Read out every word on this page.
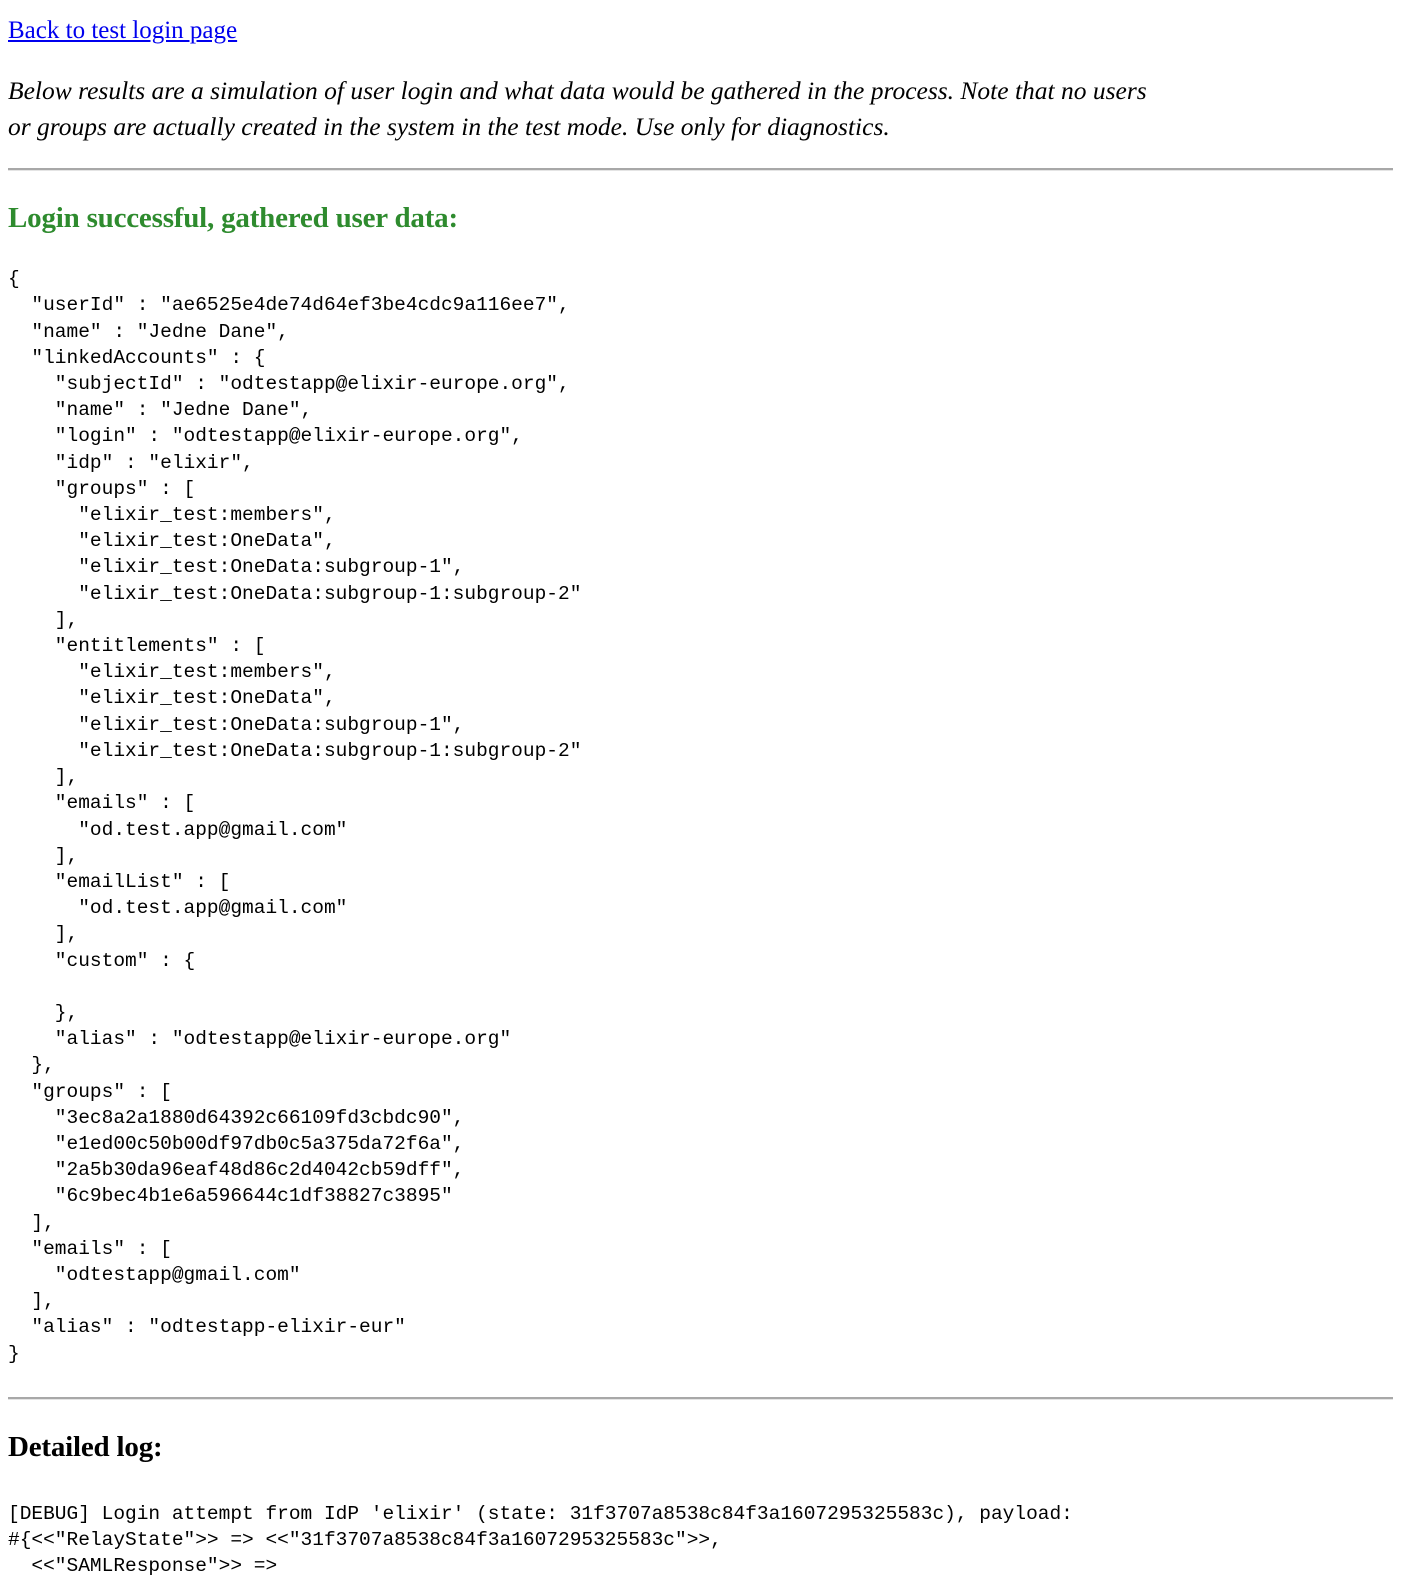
Back to test login page

Below results are a simulation of user login and what data would be gathered in the process. Note that no users or groups are actually created in the system in the test mode. Use only for diagnostics.

Login successful, gathered user data:
{
"userId" : "ae6525e4de74d64ef3be4cdc9a116ee7",
"name" : "Jedne Dane",
"linkedAccounts" : {
"subjectId" : "odtestapp@elixir-europe.org",
"name" : "Jedne Dane",
"login" : "odtestapp@elixir-europe.org",
"idp" : "elixir",
"groups" : [
"elixir_test:members",
"elixir_test:OneData",
"elixir_test:OneData:subgroup-1",
"elixir_test:OneData:subgroup-1:subgroup-2"
],
"entitlements" : [
"elixir_test:members",
"elixir_test:OneData",
"elixir_test:OneData:subgroup-1",
"elixir_test:OneData:subgroup-1:subgroup-2"
],
"emails" : [
"od.test.app@gmail.com"
],
"emailList" : [
"od.test.app@gmail.com"
],
"custom" : {

},
"alias" : "odtestapp@elixir-europe.org"
},
"groups" : [
"3ec8a2a1880d64392c66109fd3cbdc90",
"e1ed00c50b00df97db0c5a375da72f6a",
"2a5b30da96eaf48d86c2d4042cb59dff",
"6c9bec4b1e6a596644c1df38827c3895"
],
"emails" : [
"odtestapp@gmail.com"
],
"alias" : "odtestapp-elixir-eur"
}
Detailed log:
[DEBUG] Login attempt from IdP 'elixir' (state: 31f3707a8538c84f3a1607295325583c), payload:
#{<<"RelayState">> => <<"31f3707a8538c84f3a1607295325583c">>,
<<"SAMLResponse">> =>
